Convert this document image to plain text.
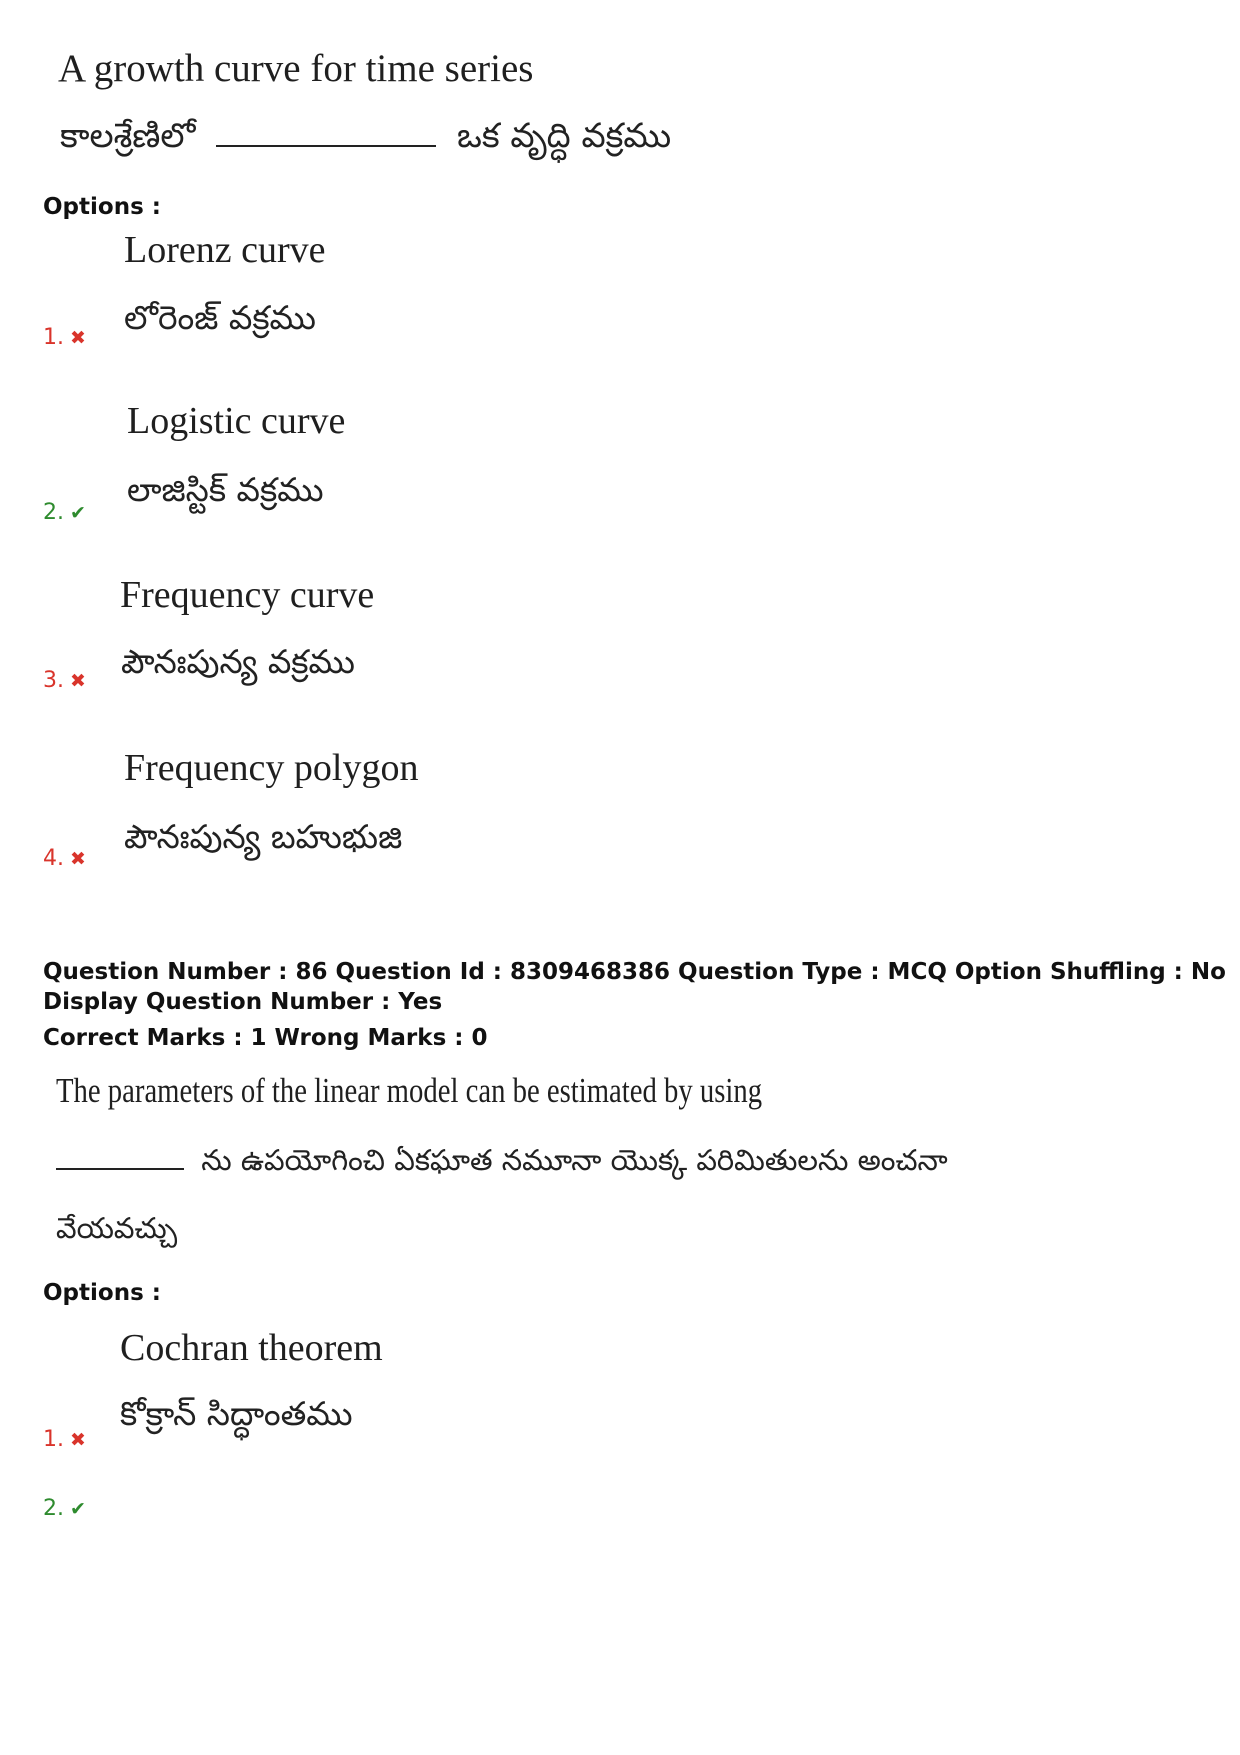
A growth curve for time series
కాలశ్రేణిలో	ఒక వృద్ధి వక్రము
Options :
Lorenz curve
లోరెంజ్ వక్రము
1. ✖
Logistic curve
లాజిస్టిక్ వక్రము
2. ✔
Frequency curve
పౌనఃపున్య వక్రము
3. ✖
Frequency polygon
పౌనఃపున్య బహుభుజి
4. ✖
Question Number : 86 Question Id : 8309468386 Question Type : MCQ Option Shuffling : No
Display Question Number : Yes
Correct Marks : 1 Wrong Marks : 0
The parameters of the linear model can be estimated by using
ను ఉపయోగించి ఏకఘాత నమూనా యొక్క పరిమితులను అంచనా
వేయవచ్చు
Options :
Cochran theorem
కోక్రాన్ సిద్ధాంతము
1. ✖
2. ✔
